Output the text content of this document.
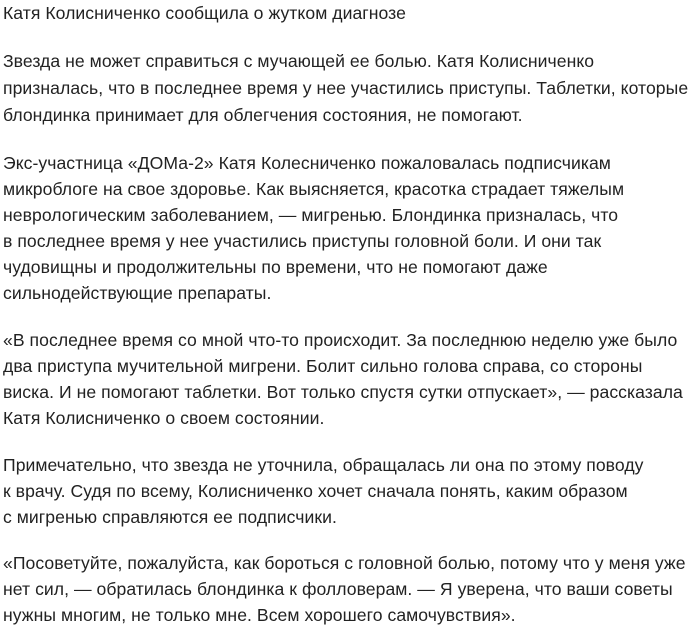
Катя Колисниченко сообщила о жутком диагнозе
Звезда не может справиться с мучающей ее болью. Катя Колисниченко
призналась, что в последнее время у нее участились приступы. Таблетки, которые
блондинка принимает для облегчения состояния, не помогают.
Экс-участница «ДОМа-2» Катя Колесниченко пожаловалась подписчикам
микроблоге на свое здоровье. Как выясняется, красотка страдает тяжелым
неврологическим заболеванием, — мигренью. Блондинка призналась, что
в последнее время у нее участились приступы головной боли. И они так
чудовищны и продолжительны по времени, что не помогают даже
сильнодействующие препараты.
«В последнее время со мной что-то происходит. За последнюю неделю уже было
два приступа мучительной мигрени. Болит сильно голова справа, со стороны
виска. И не помогают таблетки. Вот только спустя сутки отпускает», — рассказала
Катя Колисниченко о своем состоянии.
Примечательно, что звезда не уточнила, обращалась ли она по этому поводу
к врачу. Судя по всему, Колисниченко хочет сначала понять, каким образом
с мигренью справляются ее подписчики.
«Посоветуйте, пожалуйста, как бороться с головной болью, потому что у меня уже
нет сил, — обратилась блондинка к фолловерам. — Я уверена, что ваши советы
нужны многим, не только мне. Всем хорошего самочувствия».
